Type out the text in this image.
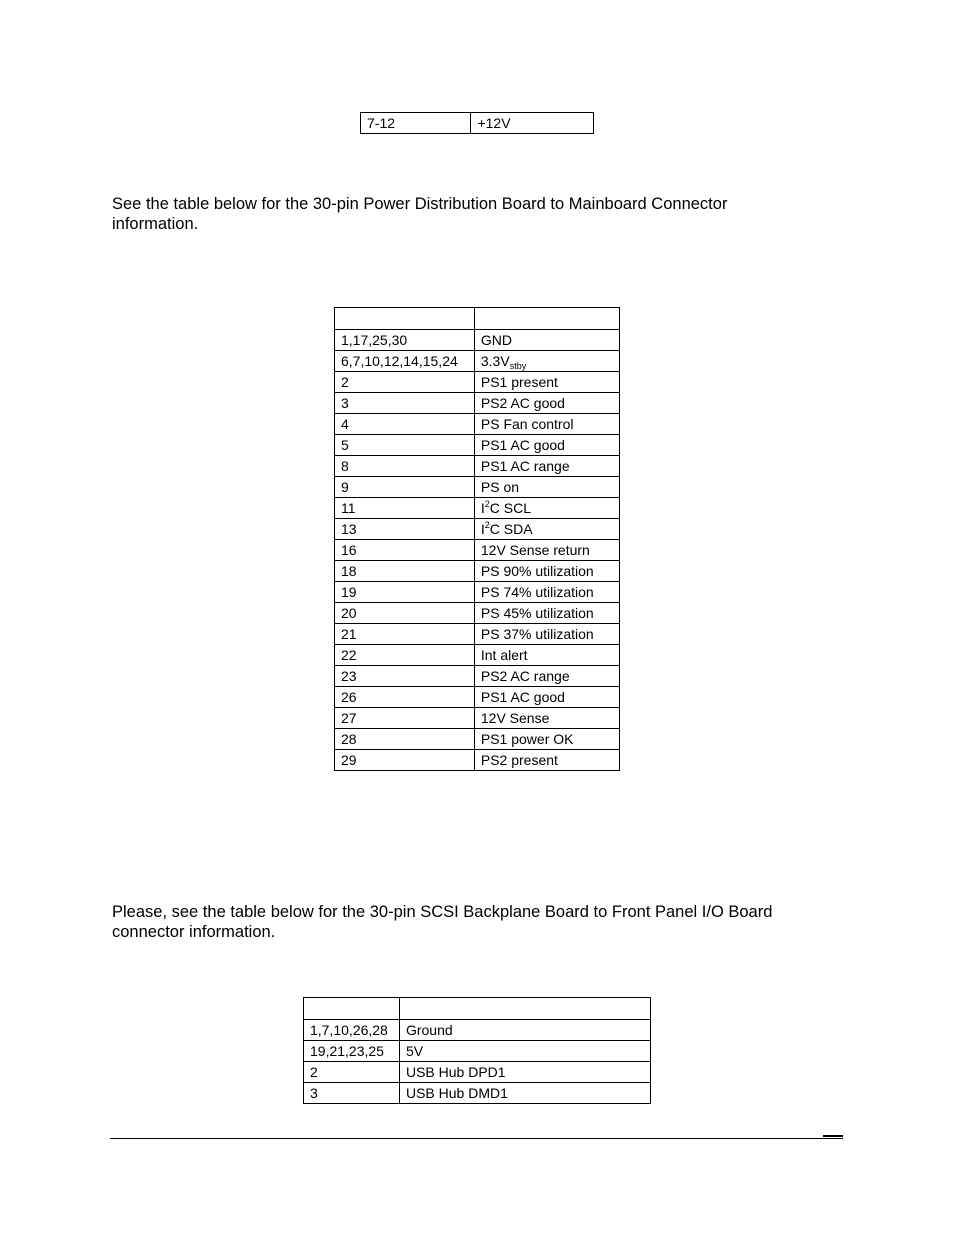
7-12	+12V

See the table below for the 30-pin Power Distribution Board to Mainboard Connector information.

1,17,25,30	GND
6,7,10,12,14,15,24	$3.3V_{stby}$
2	PS1 present
3	PS2 AC good
4	PS Fan control
5	PS1 AC good
8	PS1 AC range
9	PS on
11	$I^2C$ SCL
13	$I^2C$ SDA
16	12V Sense return
18	PS 90% utilization
19	PS 74% utilization
20	PS 45% utilization
21	PS 37% utilization
22	Int alert
23	PS2 AC range
26	PS1 AC good
27	12V Sense
28	PS1 power OK
29	PS2 present

Please, see the table below for the 30-pin SCSI Backplane Board to Front Panel I/O Board connector information.

1,7,10,26,28	Ground
19,21,23,25	5V
2	USB Hub DPD1
3	USB Hub DMD1
